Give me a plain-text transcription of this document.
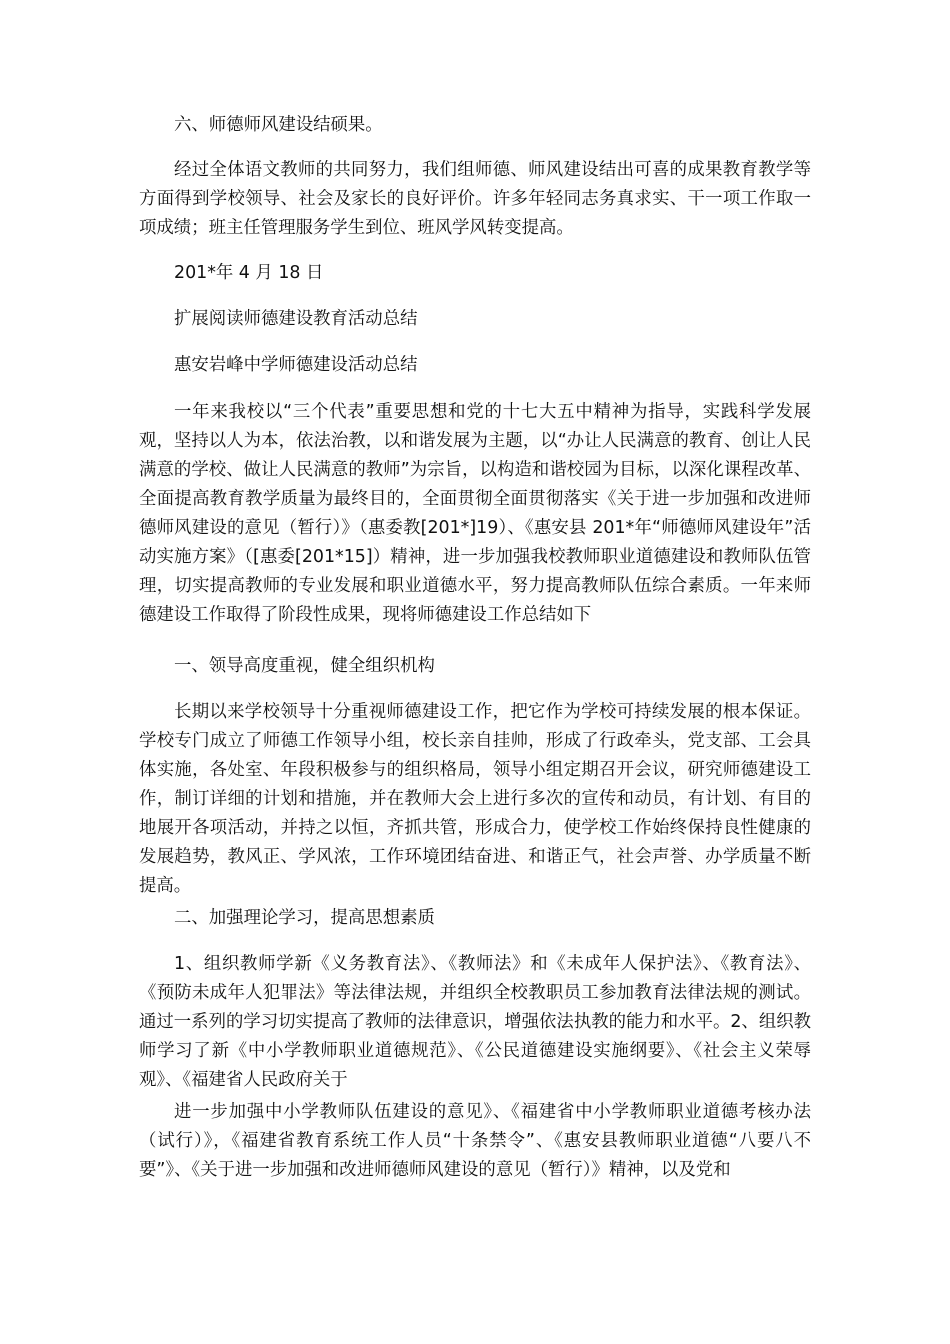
六、师德师风建设结硕果。

经过全体语文教师的共同努力，我们组师德、师风建设结出可喜的成果教育教学等方面得到学校领导、社会及家长的良好评价。许多年轻同志务真求实、干一项工作取一项成绩；班主任管理服务学生到位、班风学风转变提高。

201*年 4 月 18 日

扩展阅读师德建设教育活动总结

惠安岩峰中学师德建设活动总结

一年来我校以“三个代表”重要思想和党的十七大五中精神为指导，实践科学发展观，坚持以人为本，依法治教，以和谐发展为主题，以“办让人民满意的教育、创让人民满意的学校、做让人民满意的教师”为宗旨，以构造和谐校园为目标，以深化课程改革、全面提高教育教学质量为最终目的，全面贯彻全面贯彻落实《关于进一步加强和改进师德师风建设的意见（暂行）》（惠委教[201*]19）、《惠安县 201*年“师德师风建设年”活动实施方案》（[惠委[201*15]）精神，进一步加强我校教师职业道德建设和教师队伍管理，切实提高教师的专业发展和职业道德水平，努力提高教师队伍综合素质。一年来师德建设工作取得了阶段性成果，现将师德建设工作总结如下

一、领导高度重视，健全组织机构

长期以来学校领导十分重视师德建设工作，把它作为学校可持续发展的根本保证。学校专门成立了师德工作领导小组，校长亲自挂帅，形成了行政牵头，党支部、工会具体实施，各处室、年段积极参与的组织格局，领导小组定期召开会议，研究师德建设工作，制订详细的计划和措施，并在教师大会上进行多次的宣传和动员，有计划、有目的地展开各项活动，并持之以恒，齐抓共管，形成合力，使学校工作始终保持良性健康的发展趋势，教风正、学风浓，工作环境团结奋进、和谐正气，社会声誉、办学质量不断提高。

二、加强理论学习，提高思想素质

1、组织教师学新《义务教育法》、《教师法》和《未成年人保护法》、《教育法》、《预防未成年人犯罪法》等法律法规，并组织全校教职员工参加教育法律法规的测试。通过一系列的学习切实提高了教师的法律意识，增强依法执教的能力和水平。2、组织教师学习了新《中小学教师职业道德规范》、《公民道德建设实施纲要》、《社会主义荣辱观》、《福建省人民政府关于

进一步加强中小学教师队伍建设的意见》、《福建省中小学教师职业道德考核办法（试行）》，《福建省教育系统工作人员“十条禁令”、《惠安县教师职业道德“八要八不要”》、《关于进一步加强和改进师德师风建设的意见（暂行）》精神，以及党和
